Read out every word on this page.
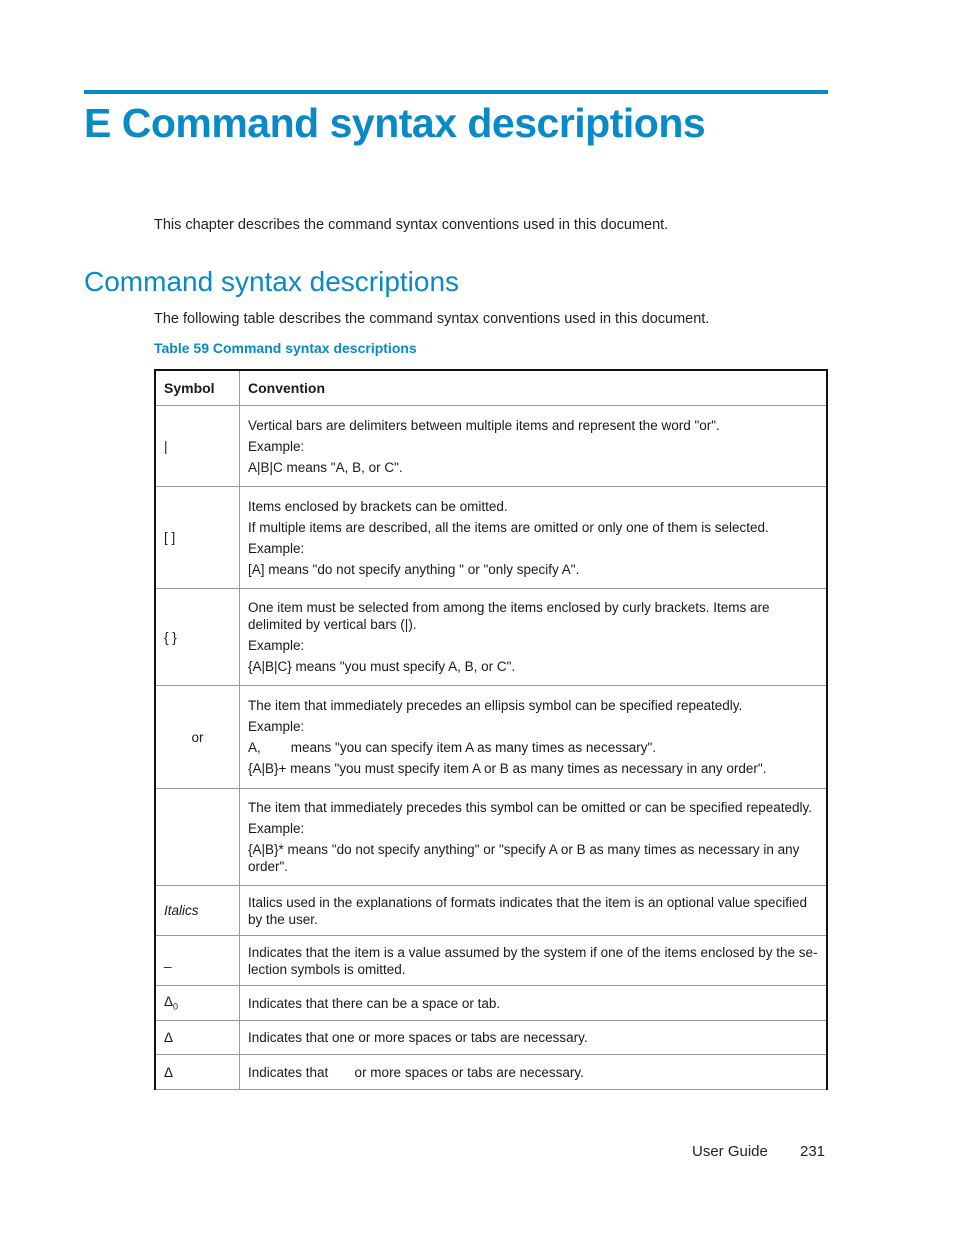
E Command syntax descriptions

This chapter describes the command syntax conventions used in this document.

Command syntax descriptions

The following table describes the command syntax conventions used in this document.

Table 59 Command syntax descriptions

Symbol	Convention
|	Vertical bars are delimiters between multiple items and represent the word "or".

Example:

A|B|C means "A, B, or C".

[ ]	Items enclosed by brackets can be omitted.

If multiple items are described, all the items are omitted or only one of them is selected.

Example:

[A] means "do not specify anything " or "only specify A".

{ }	One item must be selected from among the items enclosed by curly brackets. Items are delimited by vertical bars (|).

Example:

{A|B|C} means "you must specify A, B, or C".

or	The item that immediately precedes an ellipsis symbol can be specified repeatedly.

Example:

A,        means "you can specify item A as many times as necessary".

{A|B}+ means "you must specify item A or B as many times as necessary in any order".

	The item that immediately precedes this symbol can be omitted or can be specified repeatedly.

Example:

{A|B}* means "do not specify anything" or "specify A or B as many times as necessary in any order".

Italics	Italics used in the explanations of formats indicates that the item is an optional value specified by the user.

_	Indicates that the item is a value assumed by the system if one of the items enclosed by the se-lection symbols is omitted.

$\Delta_0$	Indicates that there can be a space or tab.

Δ	Indicates that one or more spaces or tabs are necessary.

Δ	Indicates that       or more spaces or tabs are necessary.

User Guide 231
